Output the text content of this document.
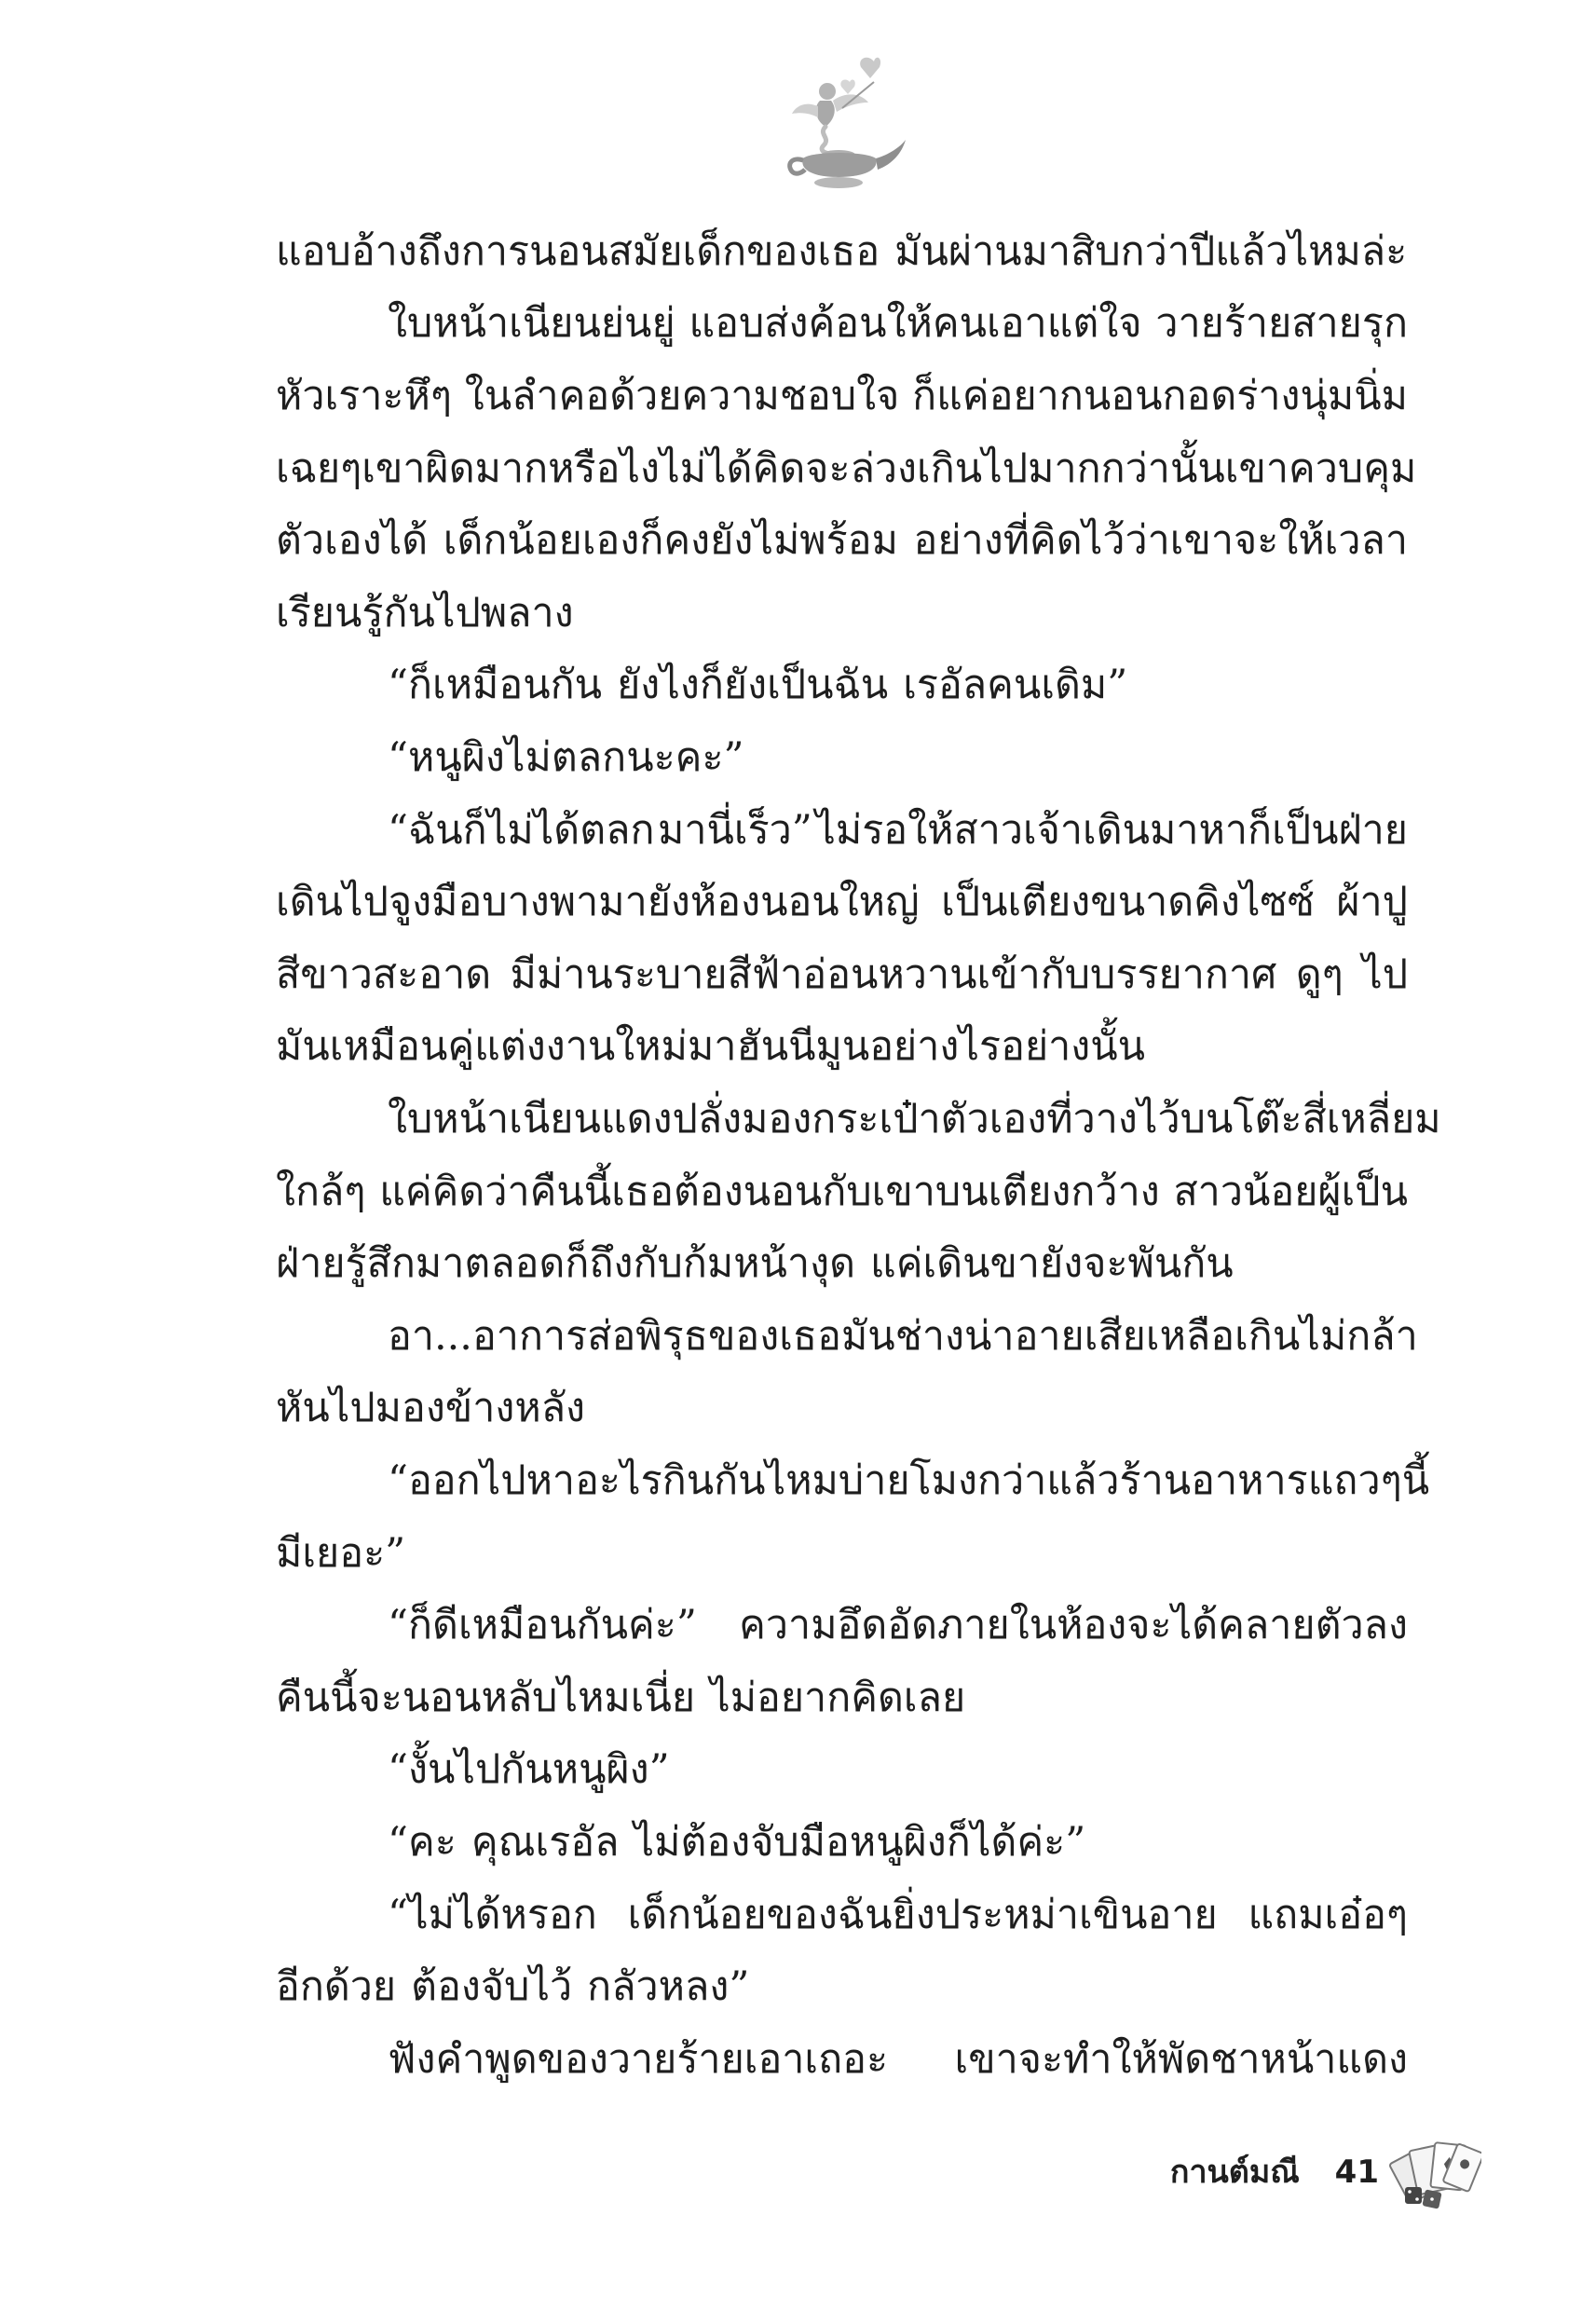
แอบอ้างถึงการนอนสมัยเด็กของเธอ มันผ่านมาสิบกว่าปีแล้วไหมล่ะ
ใบหน้าเนียนย่นยู่ แอบส่งค้อนให้คนเอาแต่ใจ วายร้ายสายรุก
หัวเราะหึๆ ในลำคอด้วยความชอบใจ ก็แค่อยากนอนกอดร่างนุ่มนิ่ม
เฉยๆ เขาผิดมากหรือไง ไม่ได้คิดจะล่วงเกินไปมากกว่านั้น เขาควบคุม
ตัวเองได้ เด็กน้อยเองก็คงยังไม่พร้อม อย่างที่คิดไว้ว่าเขาจะให้เวลา
เรียนรู้กันไปพลาง
“ก็เหมือนกัน ยังไงก็ยังเป็นฉัน เรอัลคนเดิม”
“หนูผิงไม่ตลกนะคะ”
“ฉันก็ไม่ได้ตลก มานี่เร็ว” ไม่รอให้สาวเจ้าเดินมาหาก็เป็นฝ่าย
เดินไปจูงมือบางพามายังห้องนอนใหญ่ เป็นเตียงขนาดคิงไซซ์ ผ้าปู
สีขาวสะอาด มีม่านระบายสีฟ้าอ่อนหวานเข้ากับบรรยากาศ ดูๆ ไป
มันเหมือนคู่แต่งงานใหม่มาฮันนีมูนอย่างไรอย่างนั้น
ใบหน้าเนียนแดงปลั่งมองกระเป๋าตัวเองที่วางไว้บนโต๊ะสี่เหลี่ยม
ใกล้ๆ แค่คิดว่าคืนนี้เธอต้องนอนกับเขาบนเตียงกว้าง สาวน้อยผู้เป็น
ฝ่ายรู้สึกมาตลอดก็ถึงกับก้มหน้างุด แค่เดินขายังจะพันกัน
อา...อาการส่อพิรุธของเธอมันช่างน่าอายเสียเหลือเกิน ไม่กล้า
หันไปมองข้างหลัง
“ออกไปหาอะไรกินกันไหม บ่ายโมงกว่าแล้ว ร้านอาหารแถวๆ นี้
มีเยอะ”
“ก็ดีเหมือนกันค่ะ” ความอึดอัดภายในห้องจะได้คลายตัวลง
คืนนี้จะนอนหลับไหมเนี่ย ไม่อยากคิดเลย
“งั้นไปกันหนูผิง”
“คะ คุณเรอัล ไม่ต้องจับมือหนูผิงก็ได้ค่ะ”
“ไม่ได้หรอก เด็กน้อยของฉันยิ่งประหม่าเขินอาย แถมเอ๋อๆ
อีกด้วย ต้องจับไว้ กลัวหลง”
ฟังคำพูดของวายร้ายเอาเถอะ เขาจะทำให้พัดชาหน้าแดง
กานต์มณี 41
